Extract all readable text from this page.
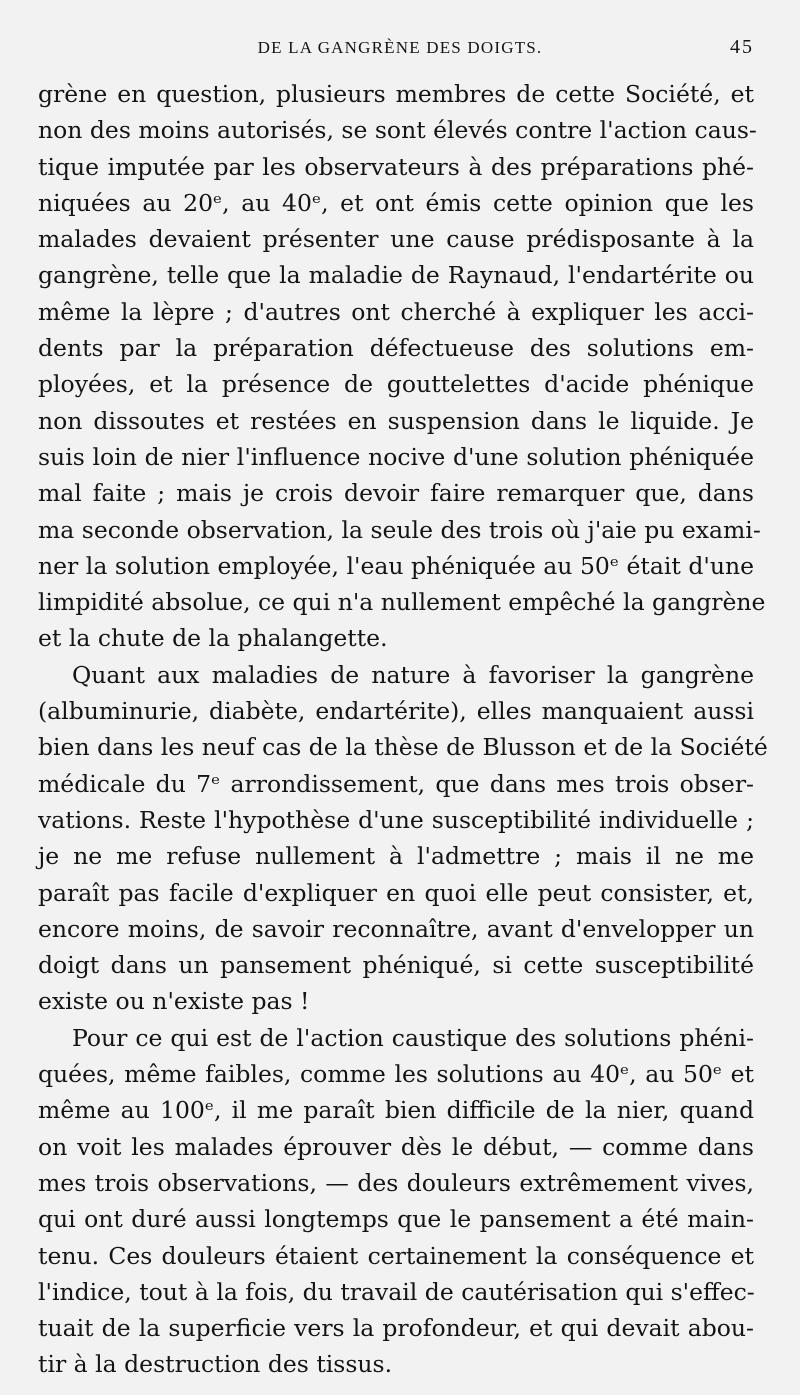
DE LA GANGRÈNE DES DOIGTS.	45
grène en question, plusieurs membres de cette Société, et
non des moins autorisés, se sont élevés contre l'action caus-
tique imputée par les observateurs à des préparations phé-
niquées au 20ᵉ, au 40ᵉ, et ont émis cette opinion que les
malades devaient présenter une cause prédisposante à la
gangrène, telle que la maladie de Raynaud, l'endartérite ou
même la lèpre ; d'autres ont cherché à expliquer les acci-
dents par la préparation défectueuse des solutions em-
ployées, et la présence de gouttelettes d'acide phénique
non dissoutes et restées en suspension dans le liquide. Je
suis loin de nier l'influence nocive d'une solution phéniquée
mal faite ; mais je crois devoir faire remarquer que, dans
ma seconde observation, la seule des trois où j'aie pu exami-
ner la solution employée, l'eau phéniquée au 50ᵉ était d'une
limpidité absolue, ce qui n'a nullement empêché la gangrène
et la chute de la phalangette.
Quant aux maladies de nature à favoriser la gangrène
(albuminurie, diabète, endartérite), elles manquaient aussi
bien dans les neuf cas de la thèse de Blusson et de la Société
médicale du 7ᵉ arrondissement, que dans mes trois obser-
vations. Reste l'hypothèse d'une susceptibilité individuelle ;
je ne me refuse nullement à l'admettre ; mais il ne me
paraît pas facile d'expliquer en quoi elle peut consister, et,
encore moins, de savoir reconnaître, avant d'envelopper un
doigt dans un pansement phéniqué, si cette susceptibilité
existe ou n'existe pas !
Pour ce qui est de l'action caustique des solutions phéni-
quées, même faibles, comme les solutions au 40ᵉ, au 50ᵉ et
même au 100ᵉ, il me paraît bien difficile de la nier, quand
on voit les malades éprouver dès le début, — comme dans
mes trois observations, — des douleurs extrêmement vives,
qui ont duré aussi longtemps que le pansement a été main-
tenu. Ces douleurs étaient certainement la conséquence et
l'indice, tout à la fois, du travail de cautérisation qui s'effec-
tuait de la superficie vers la profondeur, et qui devait abou-
tir à la destruction des tissus.
